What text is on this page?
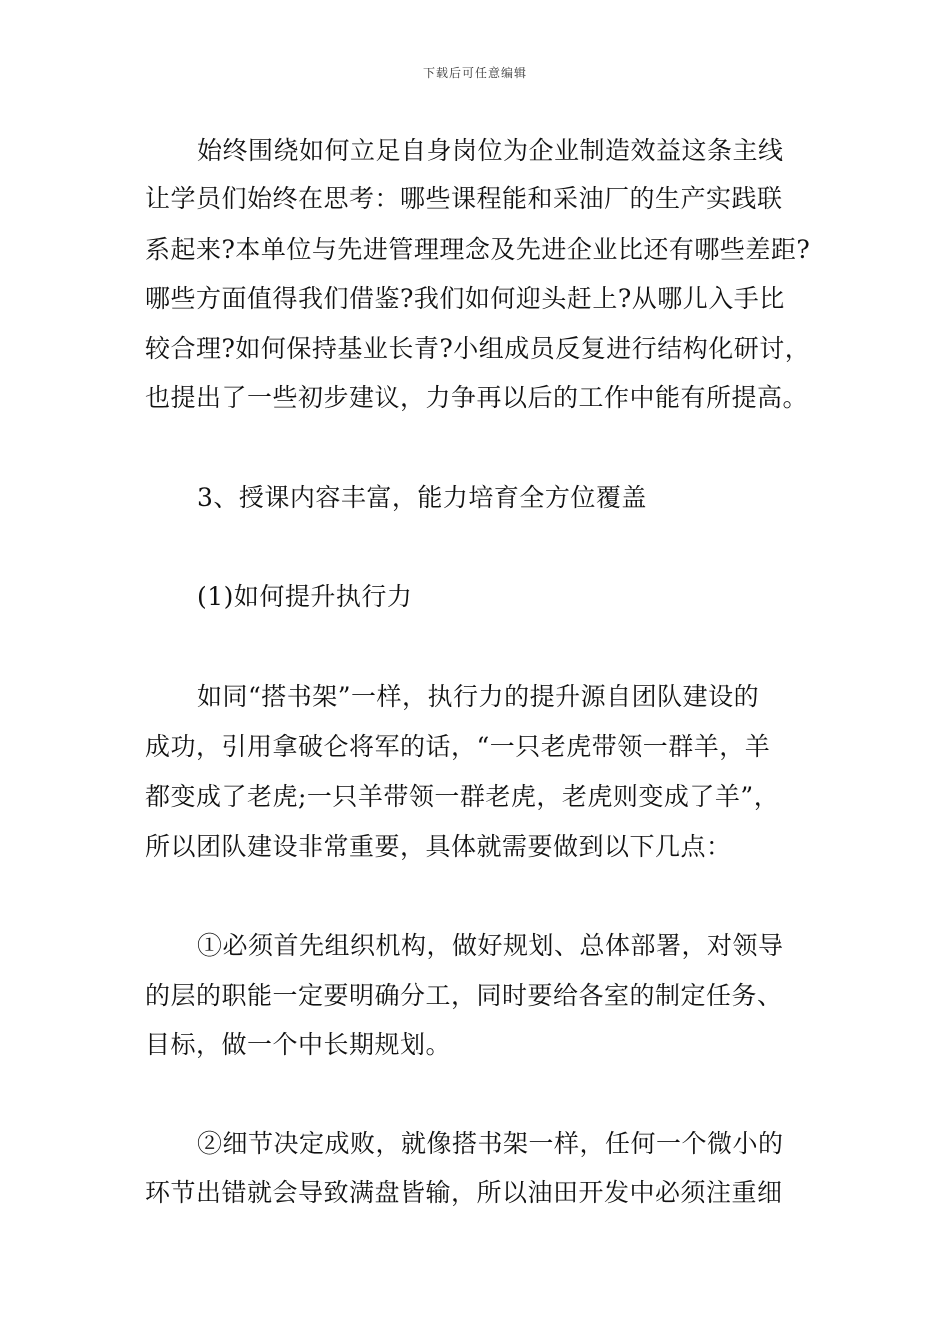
下载后可任意编辑
始终围绕如何立足自身岗位为企业制造效益这条主线
让学员们始终在思考：哪些课程能和采油厂的生产实践联
系起来?本单位与先进管理理念及先进企业比还有哪些差距?
哪些方面值得我们借鉴?我们如何迎头赶上?从哪儿入手比
较合理?如何保持基业长青?小组成员反复进行结构化研讨，
也提出了一些初步建议，力争再以后的工作中能有所提高。
3、授课内容丰富，能力培育全方位覆盖
(1)如何提升执行力
如同“搭书架”一样，执行力的提升源自团队建设的
成功，引用拿破仑将军的话，“一只老虎带领一群羊，羊
都变成了老虎;一只羊带领一群老虎，老虎则变成了羊”，
所以团队建设非常重要，具体就需要做到以下几点：
①必须首先组织机构，做好规划、总体部署，对领导
的层的职能一定要明确分工，同时要给各室的制定任务、
目标，做一个中长期规划。
②细节决定成败，就像搭书架一样，任何一个微小的
环节出错就会导致满盘皆输，所以油田开发中必须注重细
